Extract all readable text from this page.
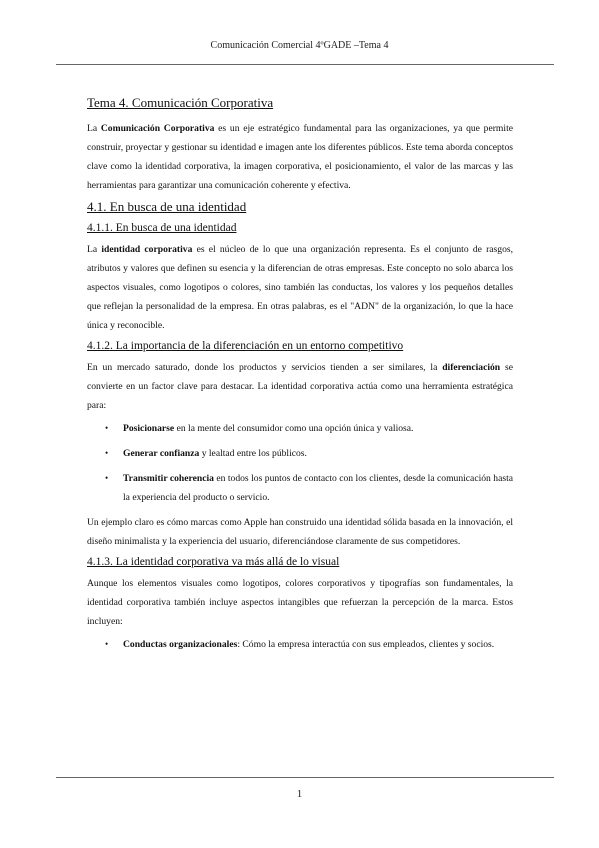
Comunicación Comercial 4ºGADE –Tema 4
Tema 4. Comunicación Corporativa

La Comunicación Corporativa es un eje estratégico fundamental para las organizaciones, ya que permite construir, proyectar y gestionar su identidad e imagen ante los diferentes públicos. Este tema aborda conceptos clave como la identidad corporativa, la imagen corporativa, el posicionamiento, el valor de las marcas y las herramientas para garantizar una comunicación coherente y efectiva.

4.1. En busca de una identidad
4.1.1. En busca de una identidad

La identidad corporativa es el núcleo de lo que una organización representa. Es el conjunto de rasgos, atributos y valores que definen su esencia y la diferencian de otras empresas. Este concepto no solo abarca los aspectos visuales, como logotipos o colores, sino también las conductas, los valores y los pequeños detalles que reflejan la personalidad de la empresa. En otras palabras, es el "ADN" de la organización, lo que la hace única y reconocible.

4.1.2. La importancia de la diferenciación en un entorno competitivo

En un mercado saturado, donde los productos y servicios tienden a ser similares, la diferenciación se convierte en un factor clave para destacar. La identidad corporativa actúa como una herramienta estratégica para:

• Posicionarse en la mente del consumidor como una opción única y valiosa.
• Generar confianza y lealtad entre los públicos.
• Transmitir coherencia en todos los puntos de contacto con los clientes, desde la comunicación hasta la experiencia del producto o servicio.

Un ejemplo claro es cómo marcas como Apple han construido una identidad sólida basada en la innovación, el diseño minimalista y la experiencia del usuario, diferenciándose claramente de sus competidores.

4.1.3. La identidad corporativa va más allá de lo visual

Aunque los elementos visuales como logotipos, colores corporativos y tipografías son fundamentales, la identidad corporativa también incluye aspectos intangibles que refuerzan la percepción de la marca. Estos incluyen:

• Conductas organizacionales: Cómo la empresa interactúa con sus empleados, clientes y socios.
1
